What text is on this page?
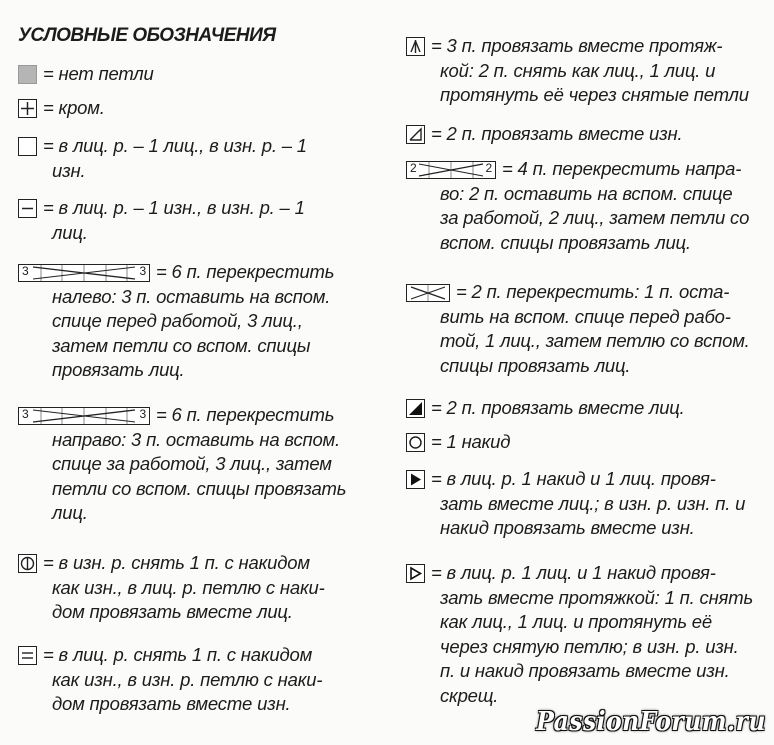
УСЛОВНЫЕ ОБОЗНАЧЕНИЯ
= нет петли
= кром.
= в лиц. р. – 1 лиц., в изн. р. – 1
изн.
= в лиц. р. – 1 изн., в изн. р. – 1
лиц.
3	3 = 6 п. перекрестить
налево: 3 п. оставить на вспом.
спице перед работой, 3 лиц.,
затем петли со вспом. спицы
провязать лиц.
3	3 = 6 п. перекрестить
направо: 3 п. оставить на вспом.
спице за работой, 3 лиц., затем
петли со вспом. спицы провязать
лиц.
= в изн. р. снять 1 п. с накидом
как изн., в лиц. р. петлю с наки-
дом провязать вместе лиц.
= в лиц. р. снять 1 п. с накидом
как изн., в изн. р. петлю с наки-
дом провязать вместе изн.
= 3 п. провязать вместе протяж-
кой: 2 п. снять как лиц., 1 лиц. и
протянуть её через снятые петли
= 2 п. провязать вместе изн.
2	2 = 4 п. перекрестить напра-
во: 2 п. оставить на вспом. спице
за работой, 2 лиц., затем петли со
вспом. спицы провязать лиц.
= 2 п. перекрестить: 1 п. оста-
вить на вспом. спице перед рабо-
той, 1 лиц., затем петлю со вспом.
спицы провязать лиц.
= 2 п. провязать вместе лиц.
= 1 накид
= в лиц. р. 1 накид и 1 лиц. провя-
зать вместе лиц.; в изн. р. изн. п. и
накид провязать вместе изн.
= в лиц. р. 1 лиц. и 1 накид провя-
зать вместе протяжкой: 1 п. снять
как лиц., 1 лиц. и протянуть её
через снятую петлю; в изн. р. изн.
п. и накид провязать вместе изн.
скрещ.
PassionForum.ru
